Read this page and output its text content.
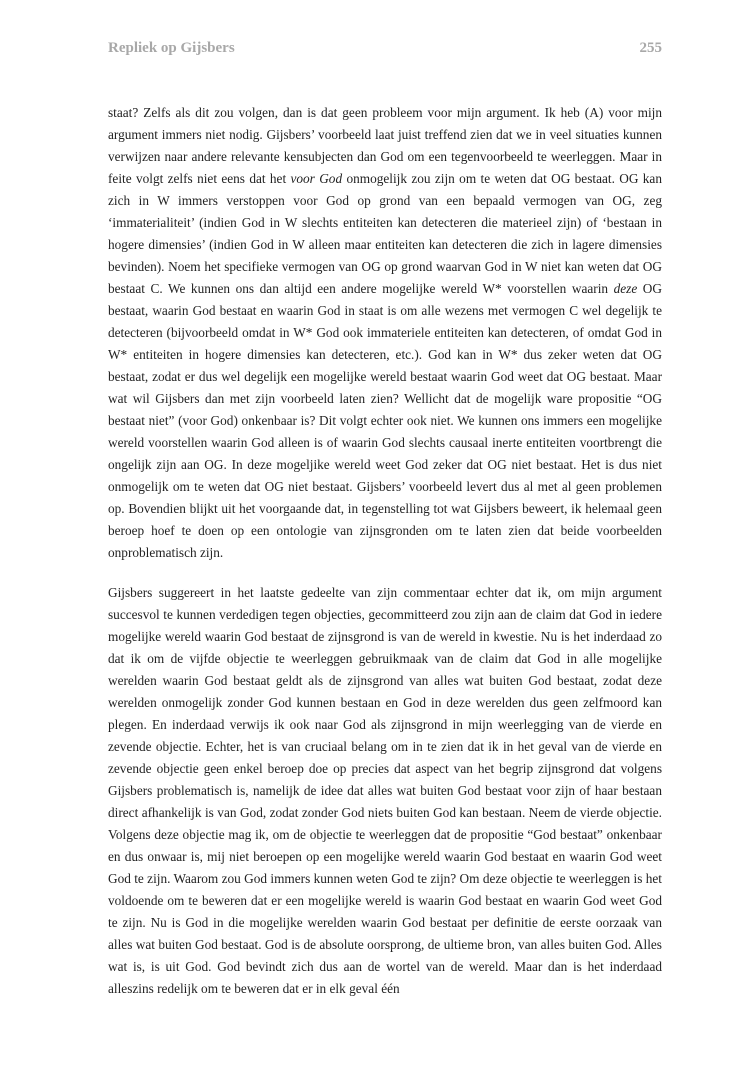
Repliek op Gijsbers	255

staat? Zelfs als dit zou volgen, dan is dat geen probleem voor mijn argument. Ik heb (A) voor mijn argument immers niet nodig. Gijsbers’ voorbeeld laat juist treffend zien dat we in veel situaties kunnen verwijzen naar andere relevante kensubjecten dan God om een tegenvoorbeeld te weerleggen. Maar in feite volgt zelfs niet eens dat het voor God onmogelijk zou zijn om te weten dat OG bestaat. OG kan zich in W immers verstoppen voor God op grond van een bepaald vermogen van OG, zeg ‘immaterialiteit’ (indien God in W slechts entiteiten kan detecteren die materieel zijn) of ‘bestaan in hogere dimensies’ (indien God in W alleen maar entiteiten kan detecteren die zich in lagere dimensies bevinden). Noem het specifieke vermogen van OG op grond waarvan God in W niet kan weten dat OG bestaat C. We kunnen ons dan altijd een andere mogelijke wereld W* voorstellen waarin deze OG bestaat, waarin God bestaat en waarin God in staat is om alle wezens met vermogen C wel degelijk te detecteren (bijvoorbeeld omdat in W* God ook immateriele entiteiten kan detecteren, of omdat God in W* entiteiten in hogere dimensies kan detecteren, etc.). God kan in W* dus zeker weten dat OG bestaat, zodat er dus wel degelijk een mogelijke wereld bestaat waarin God weet dat OG bestaat. Maar wat wil Gijsbers dan met zijn voorbeeld laten zien? Wellicht dat de mogelijk ware propositie “OG bestaat niet” (voor God) onkenbaar is? Dit volgt echter ook niet. We kunnen ons immers een mogelijke wereld voorstellen waarin God alleen is of waarin God slechts causaal inerte entiteiten voortbrengt die ongelijk zijn aan OG. In deze mogeljike wereld weet God zeker dat OG niet bestaat. Het is dus niet onmogelijk om te weten dat OG niet bestaat. Gijsbers’ voorbeeld levert dus al met al geen problemen op. Bovendien blijkt uit het voorgaande dat, in tegenstelling tot wat Gijsbers beweert, ik helemaal geen beroep hoef te doen op een ontologie van zijnsgronden om te laten zien dat beide voorbeelden onproblematisch zijn.

Gijsbers suggereert in het laatste gedeelte van zijn commentaar echter dat ik, om mijn argument succesvol te kunnen verdedigen tegen objecties, gecommitteerd zou zijn aan de claim dat God in iedere mogelijke wereld waarin God bestaat de zijnsgrond is van de wereld in kwestie. Nu is het inderdaad zo dat ik om de vijfde objectie te weerleggen gebruikmaak van de claim dat God in alle mogelijke werelden waarin God bestaat geldt als de zijnsgrond van alles wat buiten God bestaat, zodat deze werelden onmogelijk zonder God kunnen bestaan en God in deze werelden dus geen zelfmoord kan plegen. En inderdaad verwijs ik ook naar God als zijnsgrond in mijn weerlegging van de vierde en zevende objectie. Echter, het is van cruciaal belang om in te zien dat ik in het geval van de vierde en zevende objectie geen enkel beroep doe op precies dat aspect van het begrip zijnsgrond dat volgens Gijsbers problematisch is, namelijk de idee dat alles wat buiten God bestaat voor zijn of haar bestaan direct afhankelijk is van God, zodat zonder God niets buiten God kan bestaan. Neem de vierde objectie. Volgens deze objectie mag ik, om de objectie te weerleggen dat de propositie “God bestaat” onkenbaar en dus onwaar is, mij niet beroepen op een mogelijke wereld waarin God bestaat en waarin God weet God te zijn. Waarom zou God immers kunnen weten God te zijn? Om deze objectie te weerleggen is het voldoende om te beweren dat er een mogelijke wereld is waarin God bestaat en waarin God weet God te zijn. Nu is God in die mogelijke werelden waarin God bestaat per definitie de eerste oorzaak van alles wat buiten God bestaat. God is de absolute oorsprong, de ultieme bron, van alles buiten God. Alles wat is, is uit God. God bevindt zich dus aan de wortel van de wereld. Maar dan is het inderdaad alleszins redelijk om te beweren dat er in elk geval één
